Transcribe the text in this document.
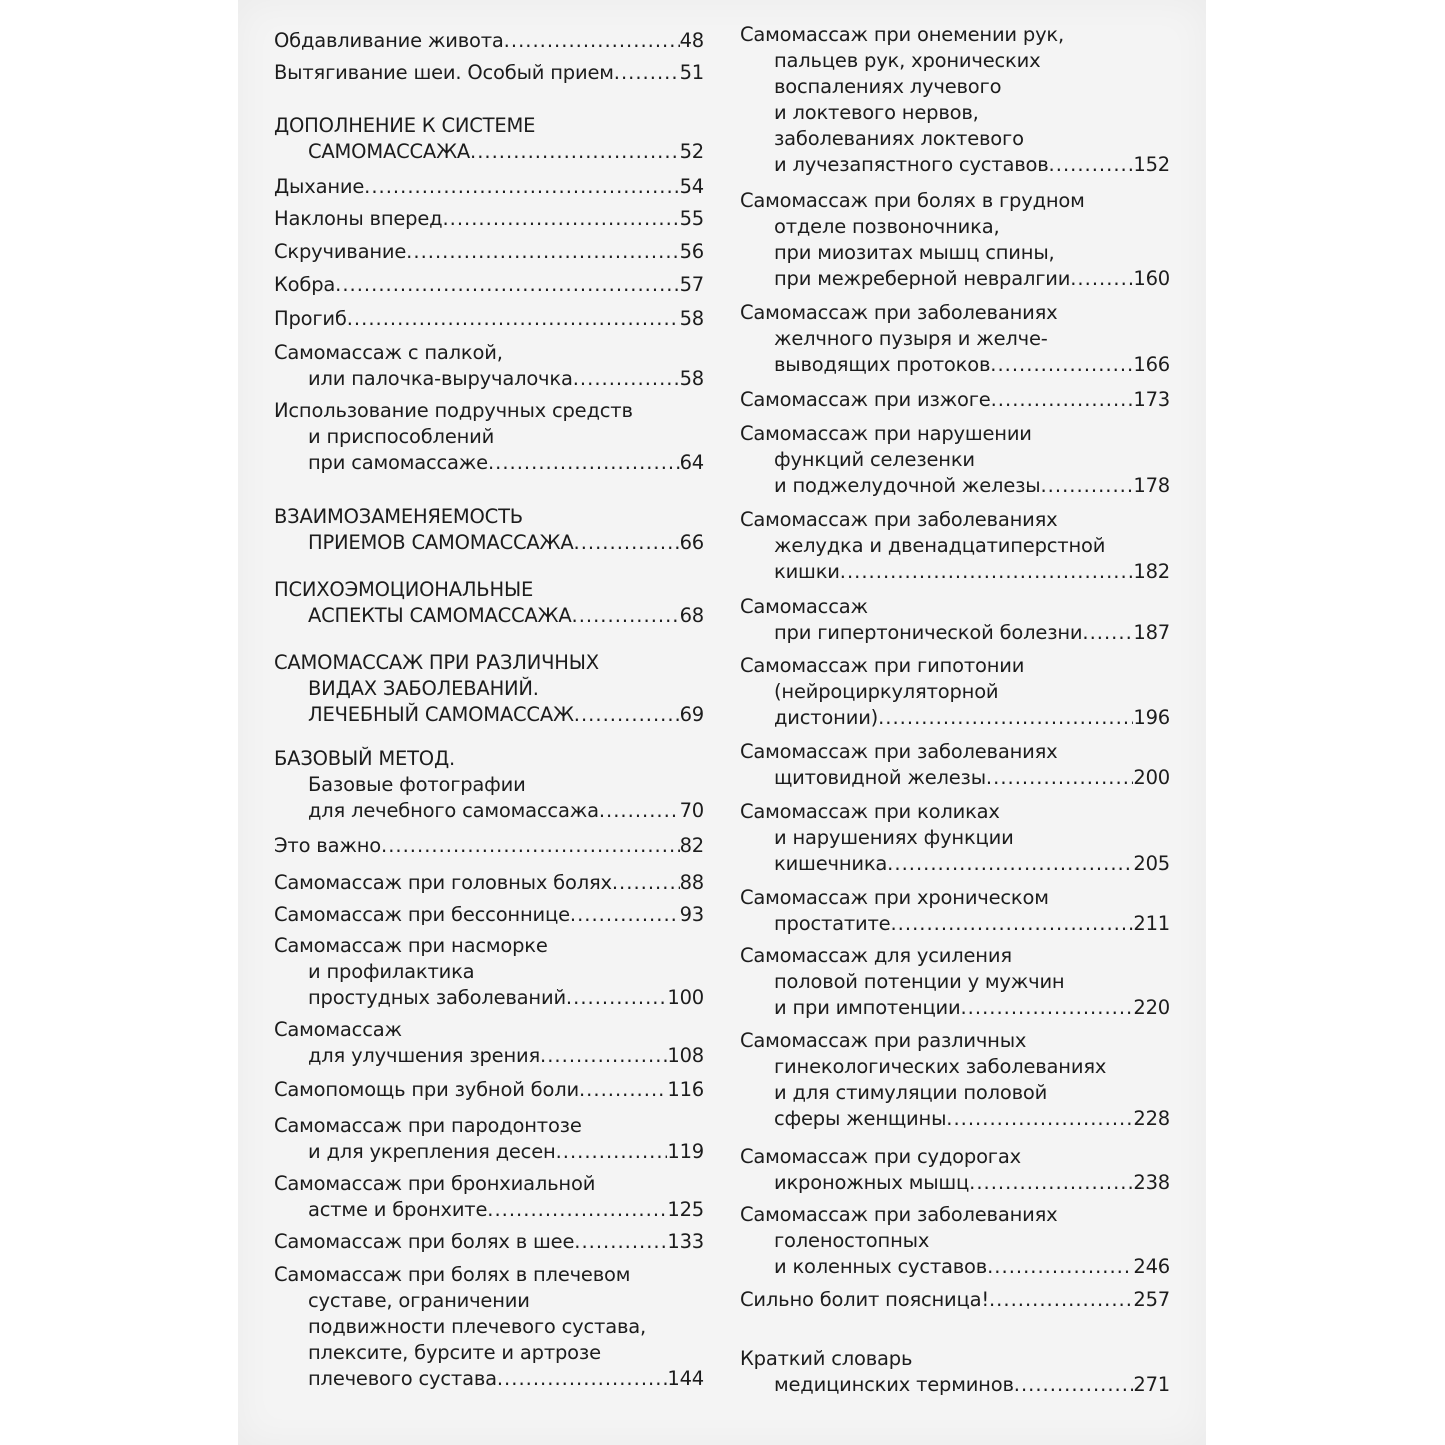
Обдавливание живота .....	48
Вытягивание шеи. Особый прием .....	51
ДОПОЛНЕНИЕ К СИСТЕМЕ
САМОМАССАЖА .....	52
Дыхание .....	54
Наклоны вперед .....	55
Скручивание .....	56
Кобра .....	57
Прогиб .....	58
Самомассаж с палкой,
или палочка-выручалочка .....	58
Использование подручных средств
и приспособлений
при самомассаже .....	64
ВЗАИМОЗАМЕНЯЕМОСТЬ
ПРИЕМОВ САМОМАССАЖА .....	66
ПСИХОЭМОЦИОНАЛЬНЫЕ
АСПЕКТЫ САМОМАССАЖА .....	68
САМОМАССАЖ ПРИ РАЗЛИЧНЫХ
ВИДАХ ЗАБОЛЕВАНИЙ.
ЛЕЧЕБНЫЙ САМОМАССАЖ .....	69
БАЗОВЫЙ МЕТОД.
Базовые фотографии
для лечебного самомассажа .....	70
Это важно .....	82
Самомассаж при головных болях .....	88
Самомассаж при бессоннице .....	93
Самомассаж при насморке
и профилактика
простудных заболеваний .....	100
Самомассаж
для улучшения зрения .....	108
Самопомощь при зубной боли .....	116
Самомассаж при пародонтозе
и для укрепления десен .....	119
Самомассаж при бронхиальной
астме и бронхите .....	125
Самомассаж при болях в шее .....	133
Самомассаж при болях в плечевом
суставе, ограничении
подвижности плечевого сустава,
плексите, бурсите и артрозе
плечевого сустава .....	144
Самомассаж при онемении рук,
пальцев рук, хронических
воспалениях лучевого
и локтевого нервов,
заболеваниях локтевого
и лучезапястного суставов .....	152
Самомассаж при болях в грудном
отделе позвоночника,
при миозитах мышц спины,
при межреберной невралгии .....	160
Самомассаж при заболеваниях
желчного пузыря и желче-
выводящих протоков .....	166
Самомассаж при изжоге .....	173
Самомассаж при нарушении
функций селезенки
и поджелудочной железы .....	178
Самомассаж при заболеваниях
желудка и двенадцатиперстной
кишки .....	182
Самомассаж
при гипертонической болезни .....	187
Самомассаж при гипотонии
(нейроциркуляторной
дистонии) .....	196
Самомассаж при заболеваниях
щитовидной железы .....	200
Самомассаж при коликах
и нарушениях функции
кишечника .....	205
Самомассаж при хроническом
простатите .....	211
Самомассаж для усиления
половой потенции у мужчин
и при импотенции .....	220
Самомассаж при различных
гинекологических заболеваниях
и для стимуляции половой
сферы женщины .....	228
Самомассаж при судорогах
икроножных мышц .....	238
Самомассаж при заболеваниях
голеностопных
и коленных суставов .....	246
Сильно болит поясница! .....	257
Краткий словарь
медицинских терминов .....	271
